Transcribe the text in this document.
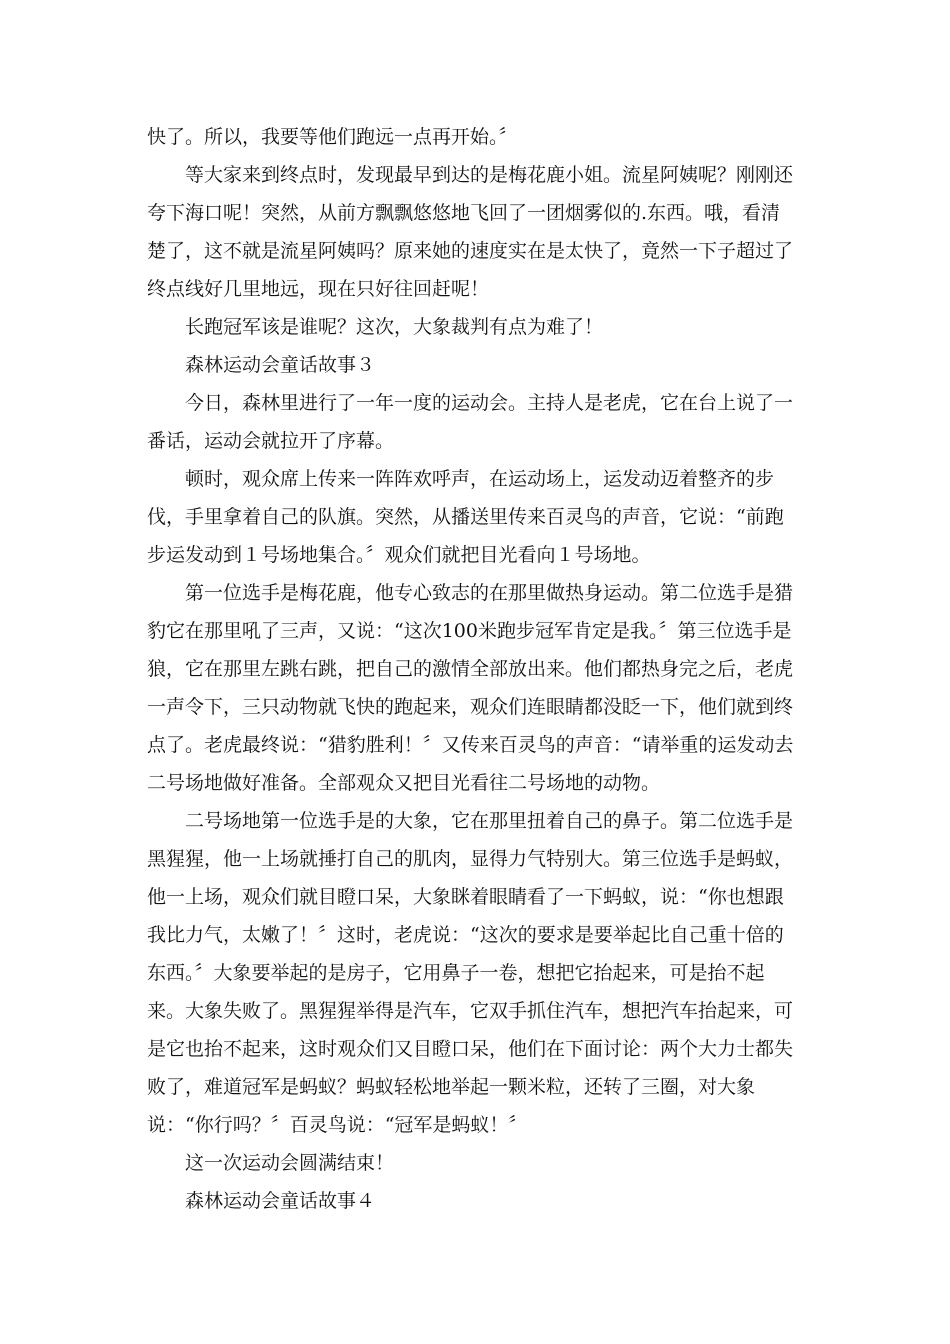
快了。所以，我要等他们跑远一点再开始。〞
等大家来到终点时，发现最早到达的是梅花鹿小姐。流星阿姨呢？刚刚还
夸下海口呢！突然，从前方飘飘悠悠地飞回了一团烟雾似的.东西。哦，看清
楚了，这不就是流星阿姨吗？原来她的速度实在是太快了，竟然一下子超过了
终点线好几里地远，现在只好往回赶呢！
长跑冠军该是谁呢？这次，大象裁判有点为难了！
森林运动会童话故事３
今日，森林里进行了一年一度的运动会。主持人是老虎，它在台上说了一
番话，运动会就拉开了序幕。
顿时，观众席上传来一阵阵欢呼声，在运动场上，运发动迈着整齐的步
伐，手里拿着自己的队旗。突然，从播送里传来百灵鸟的声音，它说：“前跑
步运发动到１号场地集合。〞观众们就把目光看向１号场地。
第一位选手是梅花鹿，他专心致志的在那里做热身运动。第二位选手是猎
豹它在那里吼了三声，又说：“这次100米跑步冠军肯定是我。〞第三位选手是
狼，它在那里左跳右跳，把自己的激情全部放出来。他们都热身完之后，老虎
一声令下，三只动物就飞快的跑起来，观众们连眼睛都没眨一下，他们就到终
点了。老虎最终说：“猎豹胜利！〞又传来百灵鸟的声音：“请举重的运发动去
二号场地做好准备。全部观众又把目光看往二号场地的动物。
二号场地第一位选手是的大象，它在那里扭着自己的鼻子。第二位选手是
黑猩猩，他一上场就捶打自己的肌肉，显得力气特别大。第三位选手是蚂蚁，
他一上场，观众们就目瞪口呆，大象眯着眼睛看了一下蚂蚁，说：“你也想跟
我比力气，太嫩了！〞这时，老虎说：“这次的要求是要举起比自己重十倍的
东西。〞大象要举起的是房子，它用鼻子一卷，想把它抬起来，可是抬不起
来。大象失败了。黑猩猩举得是汽车，它双手抓住汽车，想把汽车抬起来，可
是它也抬不起来，这时观众们又目瞪口呆，他们在下面讨论：两个大力士都失
败了，难道冠军是蚂蚁？蚂蚁轻松地举起一颗米粒，还转了三圈，对大象
说：“你行吗？〞百灵鸟说：“冠军是蚂蚁！〞
这一次运动会圆满结束！
森林运动会童话故事４
